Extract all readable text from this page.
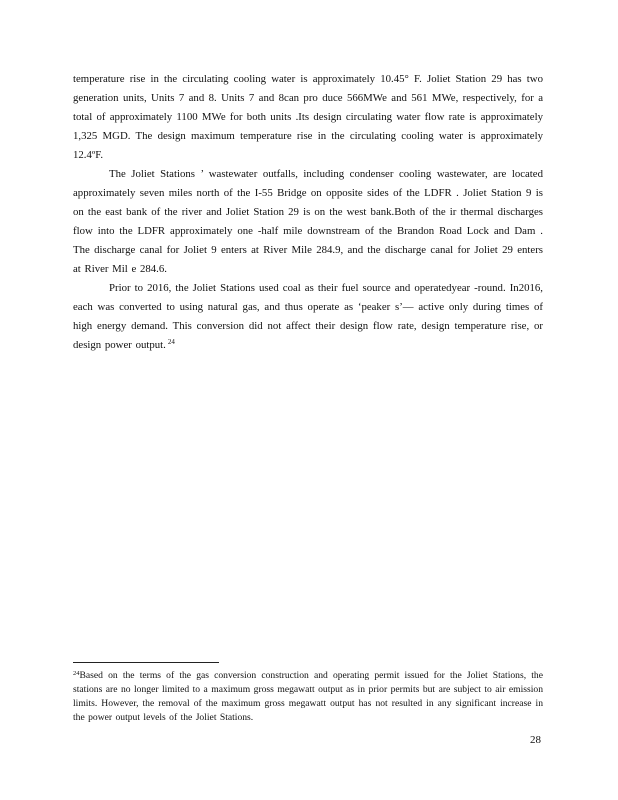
temperature rise in the circulating cooling water is approximately 10.45° F. Joliet Station 29 has two generation units, Units 7 and 8. Units 7 and 8can pro duce 566MWe and 561 MWe, respectively, for a total of approximately 1100 MWe for both units .Its design circulating water flow rate is approximately 1,325 MGD. The design maximum temperature rise in the circulating cooling water is approximately 12.4ºF.

The Joliet Stations ’ wastewater outfalls, including condenser cooling wastewater, are located approximately seven miles north of the I-55 Bridge on opposite sides of the LDFR . Joliet Station 9 is on the east bank of the river and Joliet Station 29 is on the west bank.Both of the ir thermal discharges flow into the LDFR approximately one -half mile downstream of the Brandon Road Lock and Dam . The discharge canal for Joliet 9 enters at River Mile 284.9, and the discharge canal for Joliet 29 enters at River Mil e 284.6.

Prior to 2016, the Joliet Stations used coal as their fuel source and operatedyear -round. In2016, each was converted to using natural gas, and thus operate as ‘peaker s’— active only during times of high energy demand. This conversion did not affect their design flow rate, design temperature rise, or design power output. $^{24}$

$^{24}$Based on the terms of the gas conversion construction and operating permit issued for the Joliet Stations, the stations are no longer limited to a maximum gross megawatt output as in prior permits but are subject to air emission limits. However, the removal of the maximum gross megawatt output has not resulted in any significant increase in the power output levels of the Joliet Stations.

28
